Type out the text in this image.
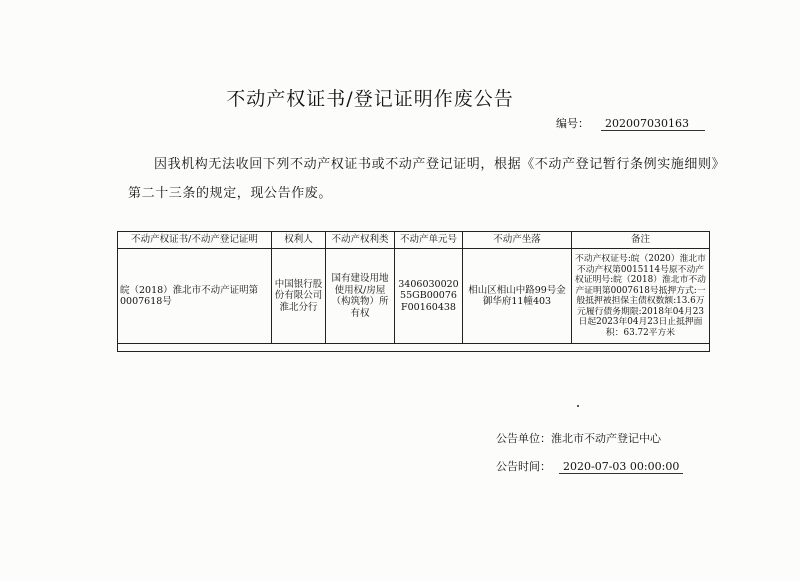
不动产权证书/登记证明作废公告
编号： 202007030163
因我机构无法收回下列不动产权证书或不动产登记证明，根据《不动产登记暂行条例实施细则》第二十三条的规定，现公告作废。
不动产权证书/不动产登记证明	权利人	不动产权利类	不动产单元号	不动产坐落	备注
皖（2018）淮北市不动产证明第0007618号	中国银行股份有限公司淮北分行	国有建设用地使用权/房屋（构筑物）所有权	340603002055GB00076F00160438	相山区相山中路99号金御华府11幢403	不动产权证号:皖（2020）淮北市不动产权第0015114号原不动产权证明号:皖（2018）淮北市不动产证明第0007618号抵押方式:一般抵押被担保主债权数额:13.6万元履行债务期限:2018年04月23日起2023年04月23日止抵押面积：63.72平方米

公告单位：淮北市不动产登记中心
公告时间： 2020-07-03 00:00:00
